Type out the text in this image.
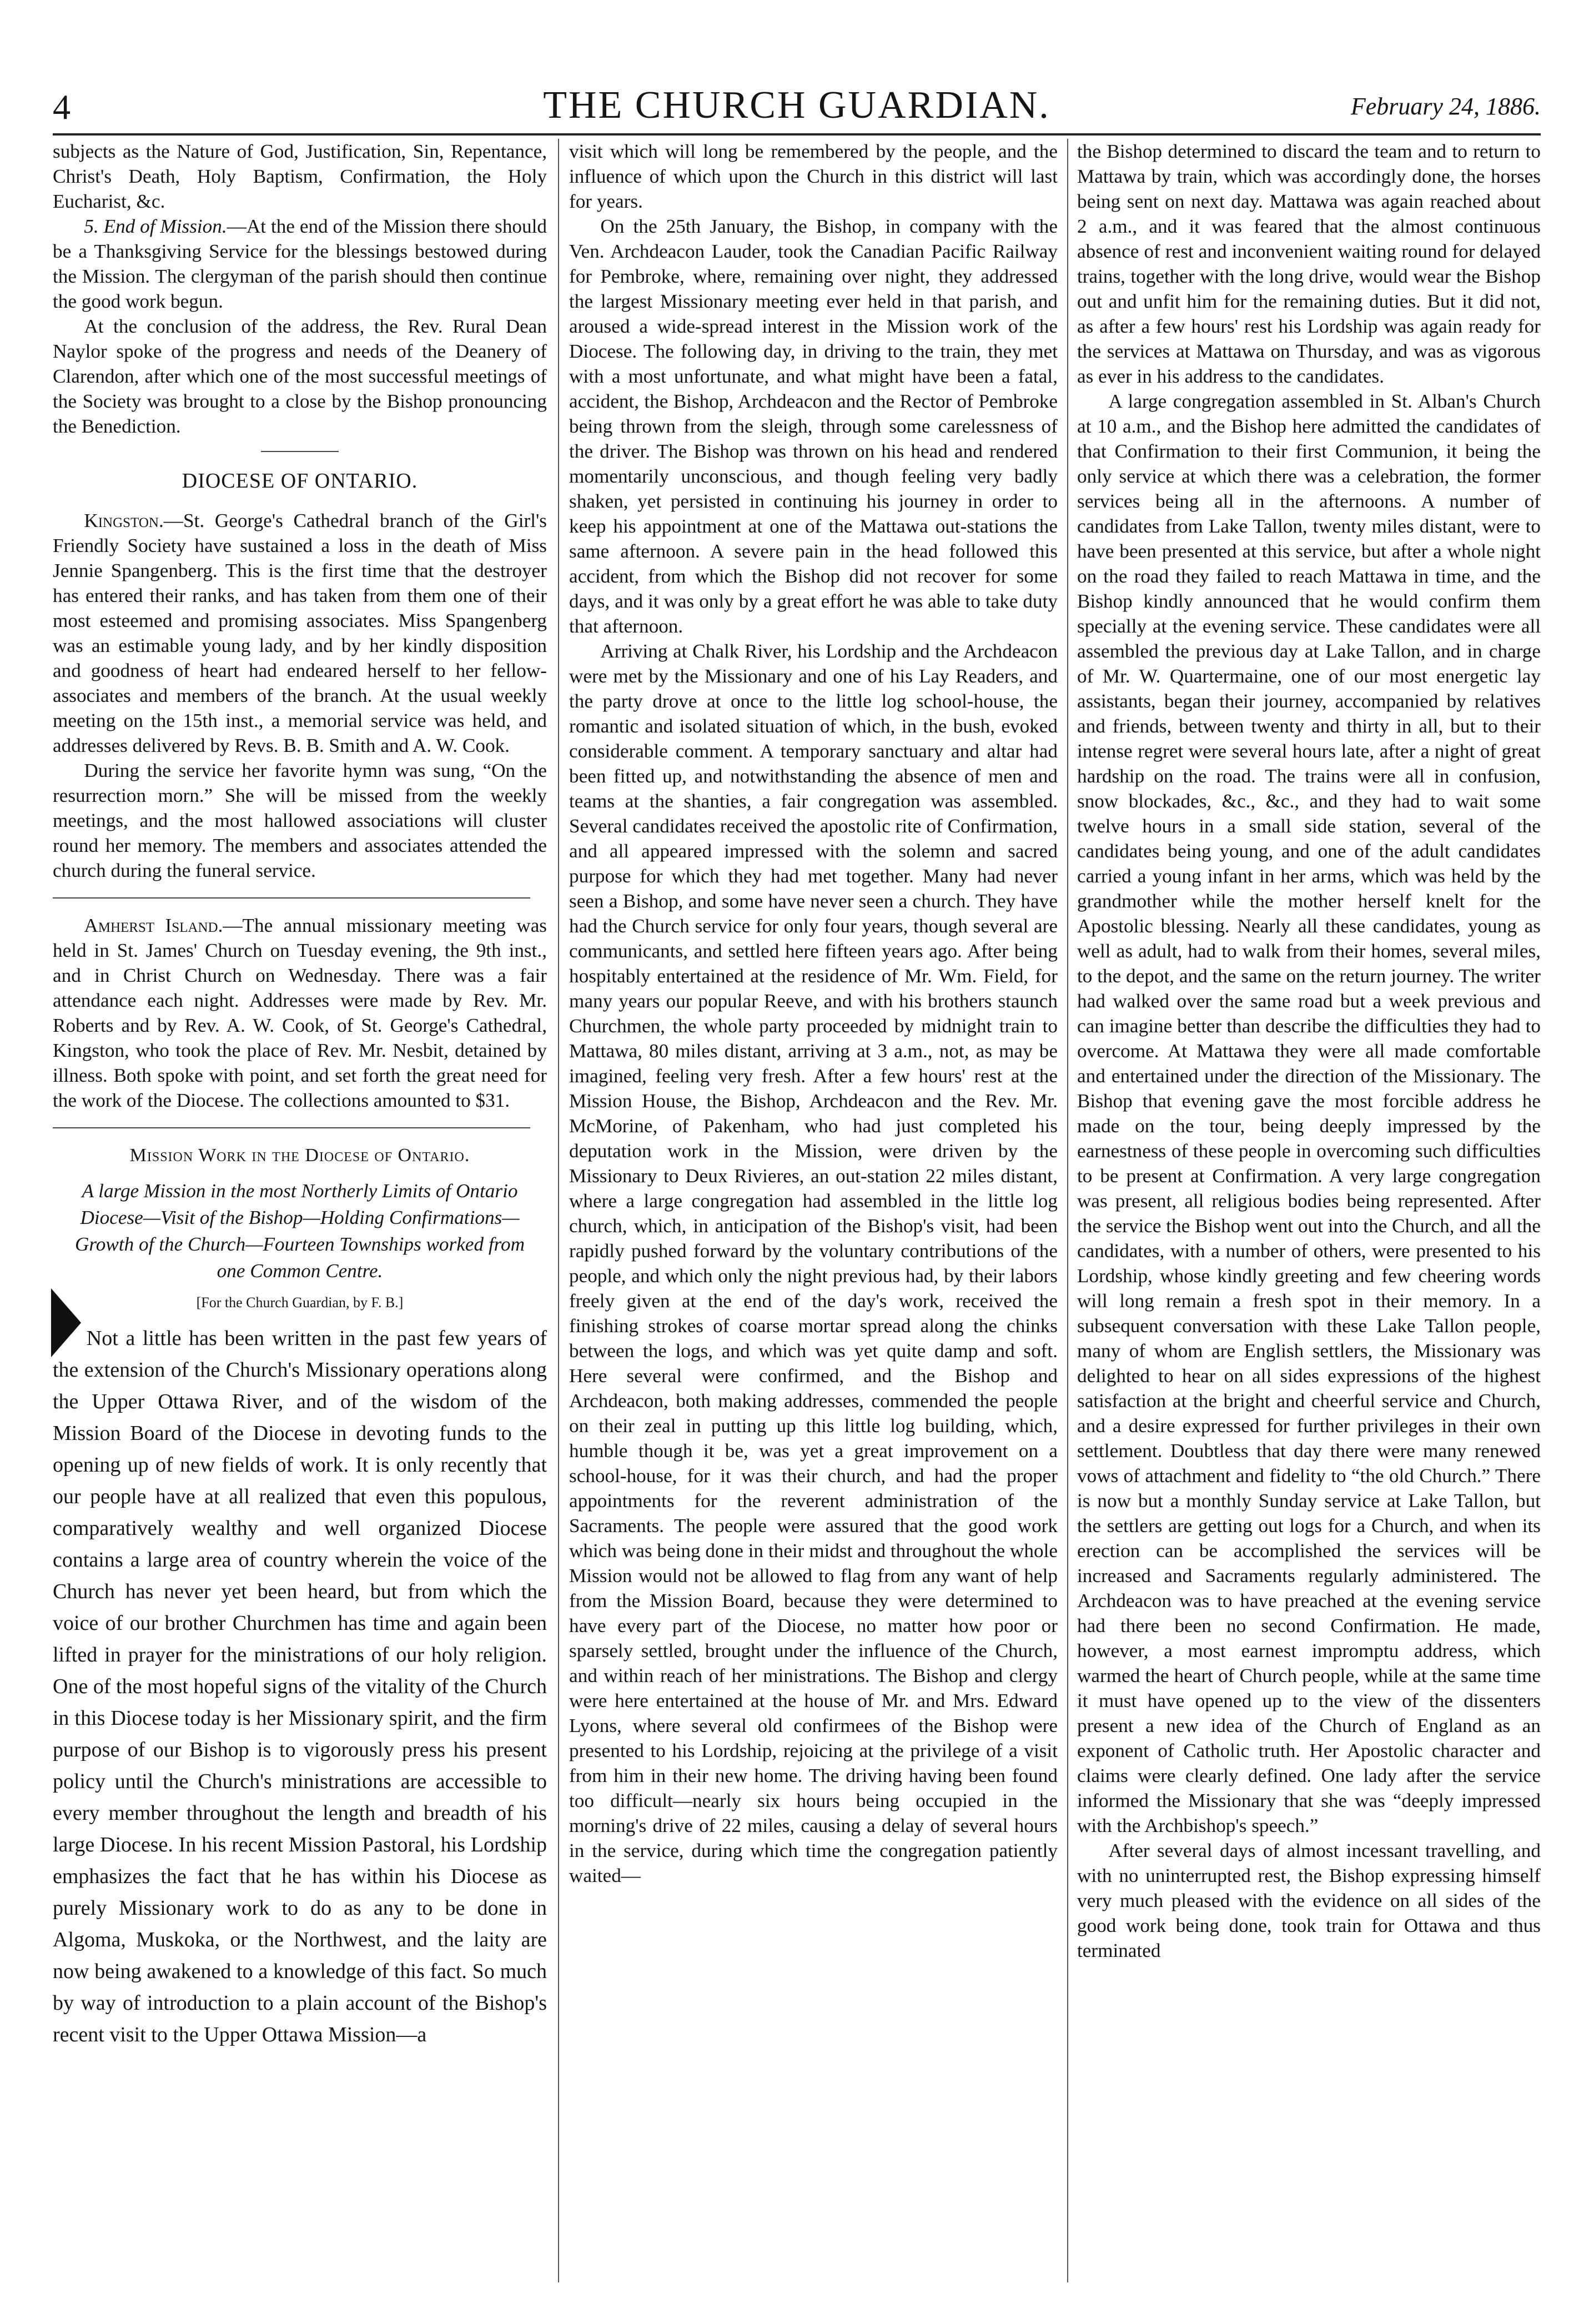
4	THE CHURCH GUARDIAN.	February 24, 1886.

subjects as the Nature of God, Justification, Sin, Repentance, Christ's Death, Holy Baptism, Confirmation, the Holy Eucharist, &c.

5. End of Mission.—At the end of the Mission there should be a Thanksgiving Service for the blessings bestowed during the Mission. The clergyman of the parish should then continue the good work begun.

At the conclusion of the address, the Rev. Rural Dean Naylor spoke of the progress and needs of the Deanery of Clarendon, after which one of the most successful meetings of the Society was brought to a close by the Bishop pronouncing the Benediction.

DIOCESE OF ONTARIO.

Kingston.—St. George's Cathedral branch of the Girl's Friendly Society have sustained a loss in the death of Miss Jennie Spangenberg. This is the first time that the destroyer has entered their ranks, and has taken from them one of their most esteemed and promising associates. Miss Spangenberg was an estimable young lady, and by her kindly disposition and goodness of heart had endeared herself to her fellow-associates and members of the branch. At the usual weekly meeting on the 15th inst., a memorial service was held, and addresses delivered by Revs. B. B. Smith and A. W. Cook.

During the service her favorite hymn was sung, “On the resurrection morn.” She will be missed from the weekly meetings, and the most hallowed associations will cluster round her memory. The members and associates attended the church during the funeral service.

Amherst Island.—The annual missionary meeting was held in St. James' Church on Tuesday evening, the 9th inst., and in Christ Church on Wednesday. There was a fair attendance each night. Addresses were made by Rev. Mr. Roberts and by Rev. A. W. Cook, of St. George's Cathedral, Kingston, who took the place of Rev. Mr. Nesbit, detained by illness. Both spoke with point, and set forth the great need for the work of the Diocese. The collections amounted to $31.

Mission Work in the Diocese of Ontario.

A large Mission in the most Northerly Limits of Ontario Diocese—Visit of the Bishop—Holding Confirmations—Growth of the Church—Fourteen Townships worked from one Common Centre.

[For the Church Guardian, by F. B.]

Not a little has been written in the past few years of the extension of the Church's Missionary operations along the Upper Ottawa River, and of the wisdom of the Mission Board of the Diocese in devoting funds to the opening up of new fields of work. It is only recently that our people have at all realized that even this populous, comparatively wealthy and well organized Diocese contains a large area of country wherein the voice of the Church has never yet been heard, but from which the voice of our brother Churchmen has time and again been lifted in prayer for the ministrations of our holy religion. One of the most hopeful signs of the vitality of the Church in this Diocese today is her Missionary spirit, and the firm purpose of our Bishop is to vigorously press his present policy until the Church's ministrations are accessible to every member throughout the length and breadth of his large Diocese. In his recent Mission Pastoral, his Lordship emphasizes the fact that he has within his Diocese as purely Missionary work to do as any to be done in Algoma, Muskoka, or the Northwest, and the laity are now being awakened to a knowledge of this fact. So much by way of introduction to a plain account of the Bishop's recent visit to the Upper Ottawa Mission—a

visit which will long be remembered by the people, and the influence of which upon the Church in this district will last for years.

On the 25th January, the Bishop, in company with the Ven. Archdeacon Lauder, took the Canadian Pacific Railway for Pembroke, where, remaining over night, they addressed the largest Missionary meeting ever held in that parish, and aroused a wide-spread interest in the Mission work of the Diocese. The following day, in driving to the train, they met with a most unfortunate, and what might have been a fatal, accident, the Bishop, Archdeacon and the Rector of Pembroke being thrown from the sleigh, through some carelessness of the driver. The Bishop was thrown on his head and rendered momentarily unconscious, and though feeling very badly shaken, yet persisted in continuing his journey in order to keep his appointment at one of the Mattawa out-stations the same afternoon. A severe pain in the head followed this accident, from which the Bishop did not recover for some days, and it was only by a great effort he was able to take duty that afternoon.

Arriving at Chalk River, his Lordship and the Archdeacon were met by the Missionary and one of his Lay Readers, and the party drove at once to the little log school-house, the romantic and isolated situation of which, in the bush, evoked considerable comment. A temporary sanctuary and altar had been fitted up, and notwithstanding the absence of men and teams at the shanties, a fair congregation was assembled. Several candidates received the apostolic rite of Confirmation, and all appeared impressed with the solemn and sacred purpose for which they had met together. Many had never seen a Bishop, and some have never seen a church. They have had the Church service for only four years, though several are communicants, and settled here fifteen years ago. After being hospitably entertained at the residence of Mr. Wm. Field, for many years our popular Reeve, and with his brothers staunch Churchmen, the whole party proceeded by midnight train to Mattawa, 80 miles distant, arriving at 3 a.m., not, as may be imagined, feeling very fresh. After a few hours' rest at the Mission House, the Bishop, Archdeacon and the Rev. Mr. McMorine, of Pakenham, who had just completed his deputation work in the Mission, were driven by the Missionary to Deux Rivieres, an out-station 22 miles distant, where a large congregation had assembled in the little log church, which, in anticipation of the Bishop's visit, had been rapidly pushed forward by the voluntary contributions of the people, and which only the night previous had, by their labors freely given at the end of the day's work, received the finishing strokes of coarse mortar spread along the chinks between the logs, and which was yet quite damp and soft. Here several were confirmed, and the Bishop and Archdeacon, both making addresses, commended the people on their zeal in putting up this little log building, which, humble though it be, was yet a great improvement on a school-house, for it was their church, and had the proper appointments for the reverent administration of the Sacraments. The people were assured that the good work which was being done in their midst and throughout the whole Mission would not be allowed to flag from any want of help from the Mission Board, because they were determined to have every part of the Diocese, no matter how poor or sparsely settled, brought under the influence of the Church, and within reach of her ministrations. The Bishop and clergy were here entertained at the house of Mr. and Mrs. Edward Lyons, where several old confirmees of the Bishop were presented to his Lordship, rejoicing at the privilege of a visit from him in their new home. The driving having been found too difficult—nearly six hours being occupied in the morning's drive of 22 miles, causing a delay of several hours in the service, during which time the congregation patiently waited—

the Bishop determined to discard the team and to return to Mattawa by train, which was accordingly done, the horses being sent on next day. Mattawa was again reached about 2 a.m., and it was feared that the almost continuous absence of rest and inconvenient waiting round for delayed trains, together with the long drive, would wear the Bishop out and unfit him for the remaining duties. But it did not, as after a few hours' rest his Lordship was again ready for the services at Mattawa on Thursday, and was as vigorous as ever in his address to the candidates.

A large congregation assembled in St. Alban's Church at 10 a.m., and the Bishop here admitted the candidates of that Confirmation to their first Communion, it being the only service at which there was a celebration, the former services being all in the afternoons. A number of candidates from Lake Tallon, twenty miles distant, were to have been presented at this service, but after a whole night on the road they failed to reach Mattawa in time, and the Bishop kindly announced that he would confirm them specially at the evening service. These candidates were all assembled the previous day at Lake Tallon, and in charge of Mr. W. Quartermaine, one of our most energetic lay assistants, began their journey, accompanied by relatives and friends, between twenty and thirty in all, but to their intense regret were several hours late, after a night of great hardship on the road. The trains were all in confusion, snow blockades, &c., &c., and they had to wait some twelve hours in a small side station, several of the candidates being young, and one of the adult candidates carried a young infant in her arms, which was held by the grandmother while the mother herself knelt for the Apostolic blessing. Nearly all these candidates, young as well as adult, had to walk from their homes, several miles, to the depot, and the same on the return journey. The writer had walked over the same road but a week previous and can imagine better than describe the difficulties they had to overcome. At Mattawa they were all made comfortable and entertained under the direction of the Missionary. The Bishop that evening gave the most forcible address he made on the tour, being deeply impressed by the earnestness of these people in overcoming such difficulties to be present at Confirmation. A very large congregation was present, all religious bodies being represented. After the service the Bishop went out into the Church, and all the candidates, with a number of others, were presented to his Lordship, whose kindly greeting and few cheering words will long remain a fresh spot in their memory. In a subsequent conversation with these Lake Tallon people, many of whom are English settlers, the Missionary was delighted to hear on all sides expressions of the highest satisfaction at the bright and cheerful service and Church, and a desire expressed for further privileges in their own settlement. Doubtless that day there were many renewed vows of attachment and fidelity to “the old Church.” There is now but a monthly Sunday service at Lake Tallon, but the settlers are getting out logs for a Church, and when its erection can be accomplished the services will be increased and Sacraments regularly administered. The Archdeacon was to have preached at the evening service had there been no second Confirmation. He made, however, a most earnest impromptu address, which warmed the heart of Church people, while at the same time it must have opened up to the view of the dissenters present a new idea of the Church of England as an exponent of Catholic truth. Her Apostolic character and claims were clearly defined. One lady after the service informed the Missionary that she was “deeply impressed with the Archbishop's speech.”

After several days of almost incessant travelling, and with no uninterrupted rest, the Bishop expressing himself very much pleased with the evidence on all sides of the good work being done, took train for Ottawa and thus terminated
